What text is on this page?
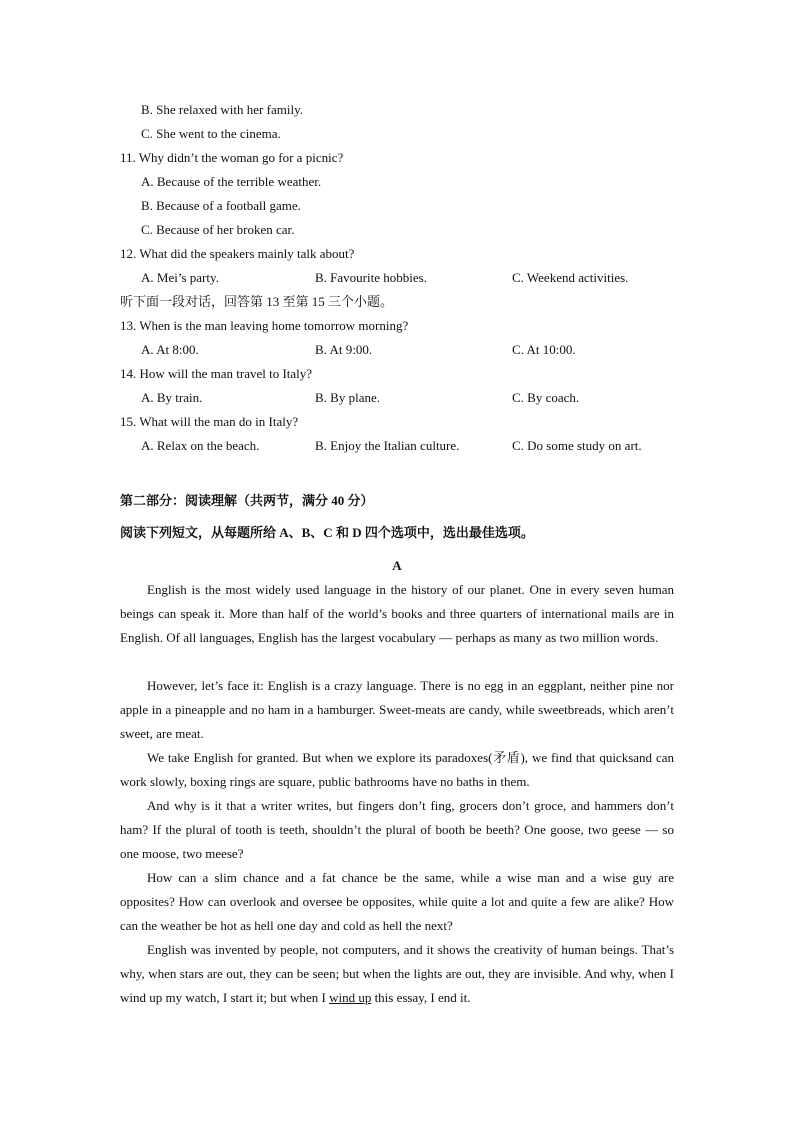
B. She relaxed with her family.
C. She went to the cinema.
11. Why didn’t the woman go for a picnic?
A. Because of the terrible weather.
B. Because of a football game.
C. Because of her broken car.
12. What did the speakers mainly talk about?
A. Mei’s party.	B. Favourite hobbies.	C. Weekend activities.
听下面一段对话，回答第 13 至第 15 三个小题。
13. When is the man leaving home tomorrow morning?
A. At 8:00.	B. At 9:00.	C. At 10:00.
14. How will the man travel to Italy?
A. By train.	B. By plane.	C. By coach.
15. What will the man do in Italy?
A. Relax on the beach.	B. Enjoy the Italian culture.	C. Do some study on art.
第二部分：阅读理解（共两节，满分 40 分）
阅读下列短文，从每题所给 A、B、C 和 D 四个选项中，选出最佳选项。
A
English is the most widely used language in the history of our planet. One in every seven human beings can speak it. More than half of the world’s books and three quarters of international mails are in English. Of all languages, English has the largest vocabulary — perhaps as many as two million words.
However, let’s face it: English is a crazy language. There is no egg in an eggplant, neither pine nor apple in a pineapple and no ham in a hamburger. Sweet-meats are candy, while sweetbreads, which aren’t sweet, are meat.
We take English for granted. But when we explore its paradoxes(矛盾), we find that quicksand can work slowly, boxing rings are square, public bathrooms have no baths in them.
And why is it that a writer writes, but fingers don’t fing, grocers don’t groce, and hammers don’t ham? If the plural of tooth is teeth, shouldn’t the plural of booth be beeth? One goose, two geese — so one moose, two meese?
How can a slim chance and a fat chance be the same, while a wise man and a wise guy are opposites? How can overlook and oversee be opposites, while quite a lot and quite a few are alike? How can the weather be hot as hell one day and cold as hell the next?
English was invented by people, not computers, and it shows the creativity of human beings. That’s why, when stars are out, they can be seen; but when the lights are out, they are invisible. And why, when I wind up my watch, I start it; but when I wind up this essay, I end it.
